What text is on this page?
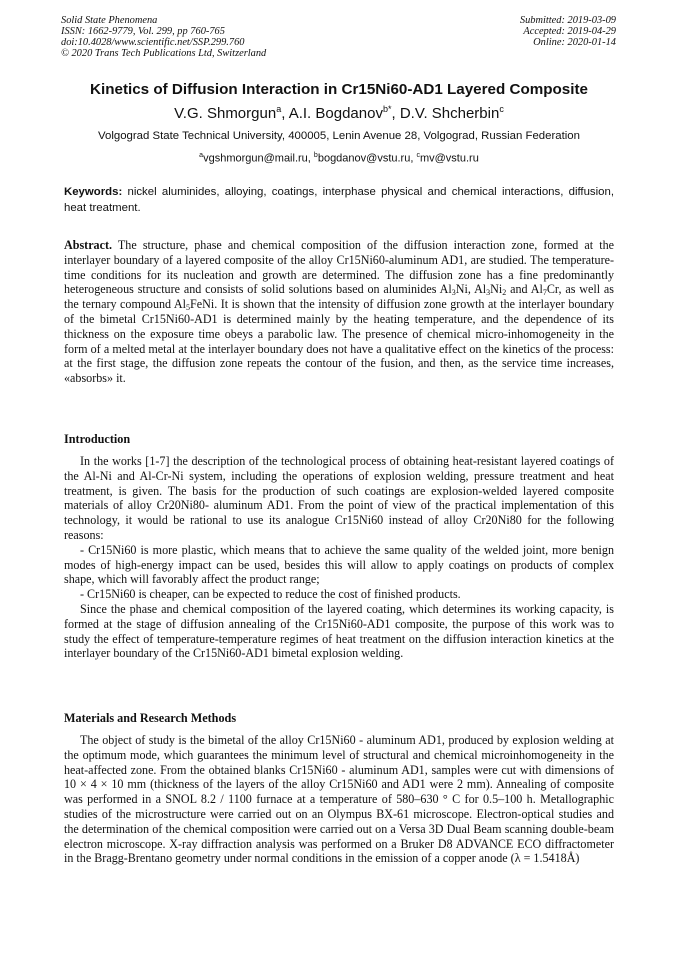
Solid State Phenomena
ISSN: 1662-9779, Vol. 299, pp 760-765
doi:10.4028/www.scientific.net/SSP.299.760
© 2020 Trans Tech Publications Ltd, Switzerland
Submitted: 2019-03-09
Accepted: 2019-04-29
Online: 2020-01-14
Kinetics of Diffusion Interaction in Cr15Ni60-AD1 Layered Composite
V.G. Shmorgun$^a$, A.I. Bogdanov$^{b*}$, D.V. Shcherbin$^c$
Volgograd State Technical University, 400005, Lenin Avenue 28, Volgograd, Russian Federation
$^a$vgshmorgun@mail.ru, $^b$bogdanov@vstu.ru, $^c$mv@vstu.ru
Keywords: nickel aluminides, alloying, coatings, interphase physical and chemical interactions, diffusion, heat treatment.
Abstract. The structure, phase and chemical composition of the diffusion interaction zone, formed at the interlayer boundary of a layered composite of the alloy Cr15Ni60-aluminum AD1, are studied. The temperature-time conditions for its nucleation and growth are determined. The diffusion zone has a fine predominantly heterogeneous structure and consists of solid solutions based on aluminides $Al_3Ni$, $Al_3Ni_2$ and $Al_7Cr$, as well as the ternary compound $Al_5FeNi$. It is shown that the intensity of diffusion zone growth at the interlayer boundary of the bimetal Cr15Ni60-AD1 is determined mainly by the heating temperature, and the dependence of its thickness on the exposure time obeys a parabolic law. The presence of chemical micro-inhomogeneity in the form of a melted metal at the interlayer boundary does not have a qualitative effect on the kinetics of the process: at the first stage, the diffusion zone repeats the contour of the fusion, and then, as the service time increases, «absorbs» it.
Introduction

In the works [1-7] the description of the technological process of obtaining heat-resistant layered coatings of the Al-Ni and Al-Cr-Ni system, including the operations of explosion welding, pressure treatment and heat treatment, is given. The basis for the production of such coatings are explosion-welded layered composite materials of alloy Cr20Ni80- aluminum AD1. From the point of view of the practical implementation of this technology, it would be rational to use its analogue Cr15Ni60 instead of alloy Cr20Ni80 for the following reasons:

- Cr15Ni60 is more plastic, which means that to achieve the same quality of the welded joint, more benign modes of high-energy impact can be used, besides this will allow to apply coatings on products of complex shape, which will favorably affect the product range;

- Cr15Ni60 is cheaper, can be expected to reduce the cost of finished products.

Since the phase and chemical composition of the layered coating, which determines its working capacity, is formed at the stage of diffusion annealing of the Cr15Ni60-AD1 composite, the purpose of this work was to study the effect of temperature-temperature regimes of heat treatment on the diffusion interaction kinetics at the interlayer boundary of the Cr15Ni60-AD1 bimetal explosion welding.

Materials and Research Methods

The object of study is the bimetal of the alloy Cr15Ni60 - aluminum AD1, produced by explosion welding at the optimum mode, which guarantees the minimum level of structural and chemical microinhomogeneity in the heat-affected zone. From the obtained blanks Cr15Ni60 - aluminum AD1, samples were cut with dimensions of 10 × 4 × 10 mm (thickness of the layers of the alloy Cr15Ni60 and AD1 were 2 mm). Annealing of composite was performed in a SNOL 8.2 / 1100 furnace at a temperature of 580–630 ° C for 0.5–100 h. Metallographic studies of the microstructure were carried out on an Olympus BX-61 microscope. Electron-optical studies and the determination of the chemical composition were carried out on a Versa 3D Dual Beam scanning double-beam electron microscope. X-ray diffraction analysis was performed on a Bruker D8 ADVANCE ECO diffractometer in the Bragg-Brentano geometry under normal conditions in the emission of a copper anode (λ = 1.5418Å)
